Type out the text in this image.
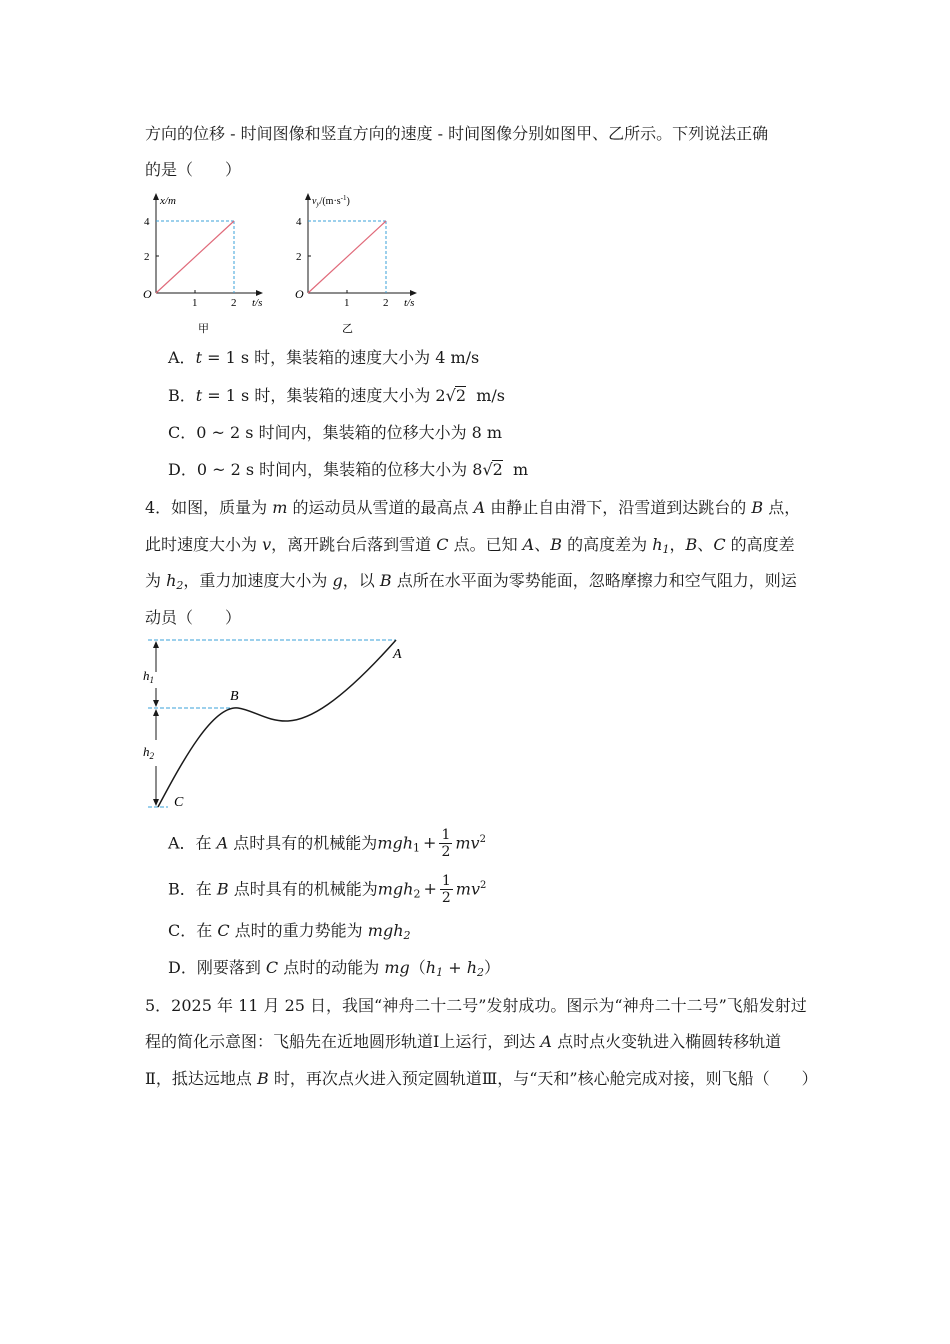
方向的位移 - 时间图像和竖直方向的速度 - 时间图像分别如图甲、乙所示。下列说法正确
的是（　　）
x/m
4
2
O
1	2 t/s
甲
$v_y/(m\cdot s^{-1})$
4
2
O
1	2 t/s
乙
A．t = 1 s 时，集装箱的速度大小为 4 m/s
B．t = 1 s 时，集装箱的速度大小为 2√2  m/s
C．0 ~ 2 s 时间内，集装箱的位移大小为 8 m
D．0 ~ 2 s 时间内，集装箱的位移大小为 8√2  m
4．如图，质量为 m 的运动员从雪道的最高点 A 由静止自由滑下，沿雪道到达跳台的 B 点，
此时速度大小为 v，离开跳台后落到雪道 C 点。已知 A、B 的高度差为 $h_1$，B、C 的高度差
为 $h_2$，重力加速度大小为 g，以 B 点所在水平面为零势能面，忽略摩擦力和空气阻力，则运
动员（　　）
$h_1$
$h_2$
A
B
C
A．在 A 点时具有的机械能为$mgh_1 + \frac{1}{2} mv^2$
B．在 B 点时具有的机械能为$mgh_2 + \frac{1}{2} mv^2$
C．在 C 点时的重力势能为 mgh$_2$
D．刚要落到 C 点时的动能为 $mg(h_1 + h_2)$
5．2025 年 11 月 25 日，我国“神舟二十二号”发射成功。图示为“神舟二十二号”飞船发射过
程的简化示意图：飞船先在近地圆形轨道Ⅰ上运行，到达 A 点时点火变轨进入椭圆转移轨道
Ⅱ，抵达远地点 B 时，再次点火进入预定圆轨道Ⅲ，与“天和”核心舱完成对接，则飞船（　　）
